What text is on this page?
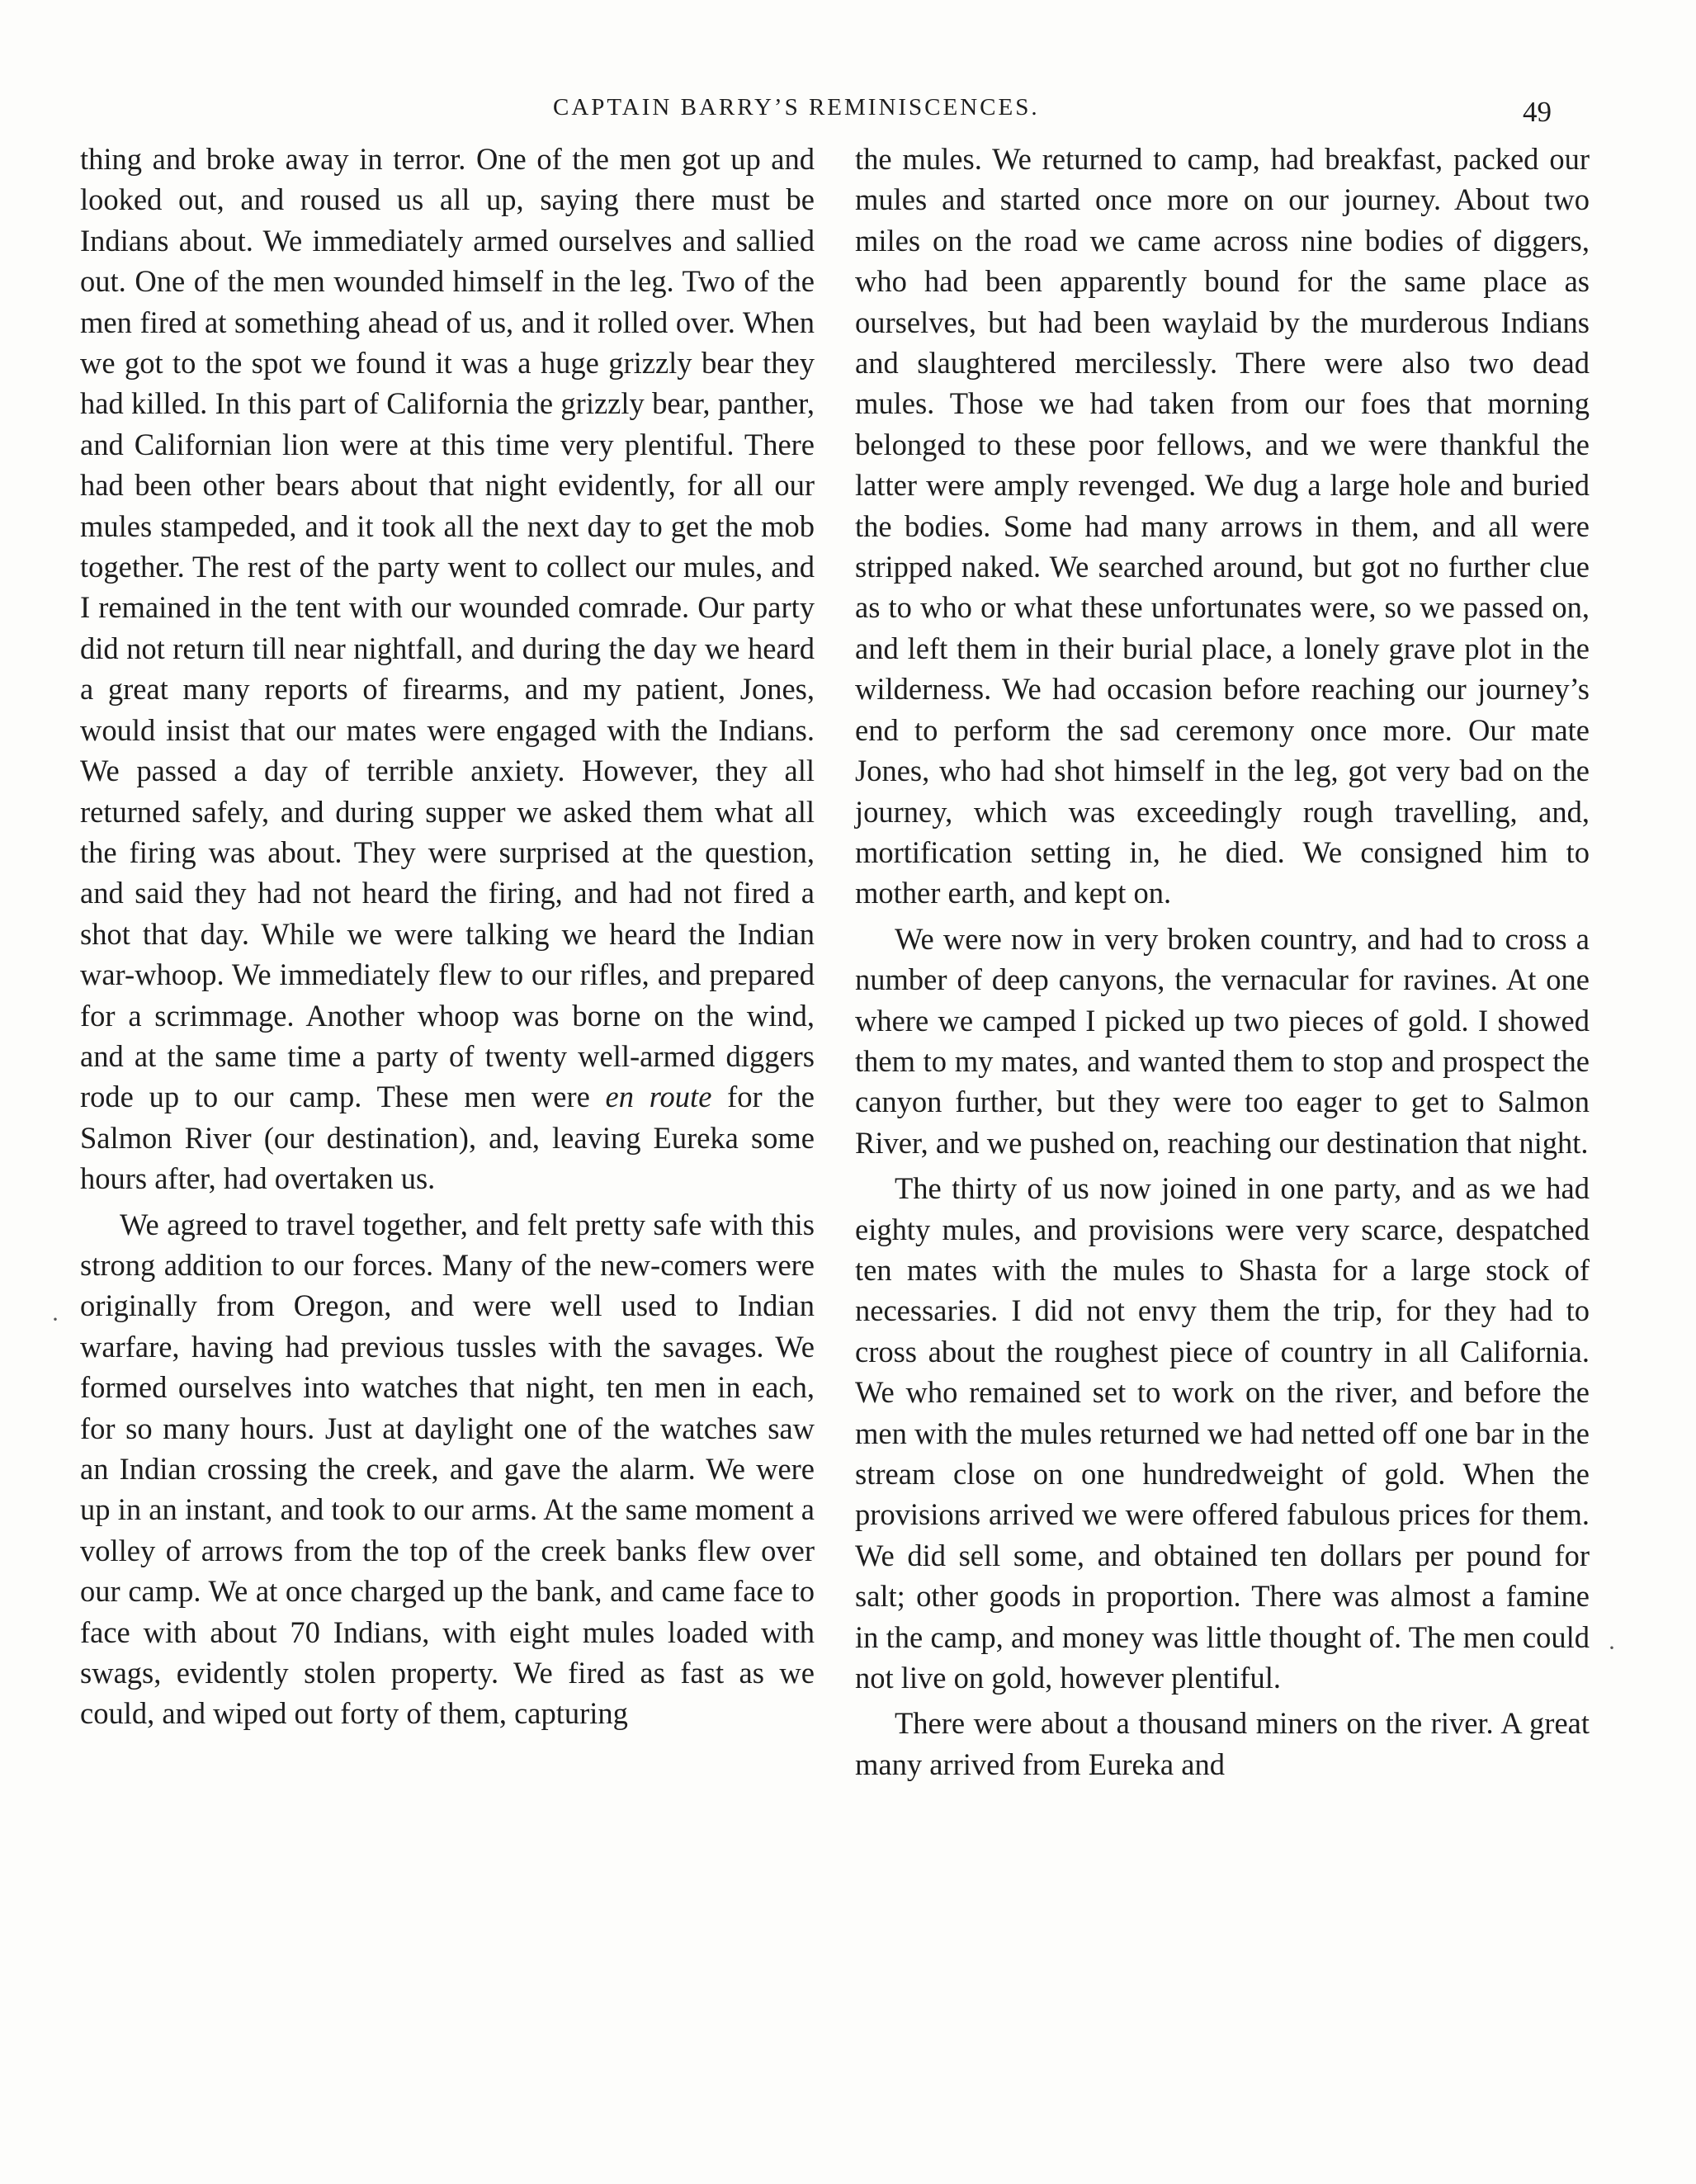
CAPTAIN BARRY’S REMINISCENCES.	49

thing and broke away in terror. One of the men got up and looked out, and roused us all up, saying there must be Indians about. We immediately armed ourselves and sallied out. One of the men wounded himself in the leg. Two of the men fired at something ahead of us, and it rolled over. When we got to the spot we found it was a huge grizzly bear they had killed. In this part of California the grizzly bear, panther, and Californian lion were at this time very plentiful. There had been other bears about that night evidently, for all our mules stampeded, and it took all the next day to get the mob together. The rest of the party went to collect our mules, and I remained in the tent with our wounded comrade. Our party did not return till near nightfall, and during the day we heard a great many reports of firearms, and my patient, Jones, would insist that our mates were engaged with the Indians. We passed a day of terrible anxiety. However, they all returned safely, and during supper we asked them what all the firing was about. They were surprised at the question, and said they had not heard the firing, and had not fired a shot that day. While we were talking we heard the Indian war-whoop. We immediately flew to our rifles, and prepared for a scrimmage. Another whoop was borne on the wind, and at the same time a party of twenty well-armed diggers rode up to our camp. These men were en route for the Salmon River (our destination), and, leaving Eureka some hours after, had overtaken us.

We agreed to travel together, and felt pretty safe with this strong addition to our forces. Many of the new-comers were originally from Oregon, and were well used to Indian warfare, having had previous tussles with the savages. We formed ourselves into watches that night, ten men in each, for so many hours. Just at daylight one of the watches saw an Indian crossing the creek, and gave the alarm. We were up in an instant, and took to our arms. At the same moment a volley of arrows from the top of the creek banks flew over our camp. We at once charged up the bank, and came face to face with about 70 Indians, with eight mules loaded with swags, evidently stolen property. We fired as fast as we could, and wiped out forty of them, capturing

the mules. We returned to camp, had breakfast, packed our mules and started once more on our journey. About two miles on the road we came across nine bodies of diggers, who had been apparently bound for the same place as ourselves, but had been waylaid by the murderous Indians and slaughtered mercilessly. There were also two dead mules. Those we had taken from our foes that morning belonged to these poor fellows, and we were thankful the latter were amply revenged. We dug a large hole and buried the bodies. Some had many arrows in them, and all were stripped naked. We searched around, but got no further clue as to who or what these unfortunates were, so we passed on, and left them in their burial place, a lonely grave plot in the wilderness. We had occasion before reaching our journey’s end to perform the sad ceremony once more. Our mate Jones, who had shot himself in the leg, got very bad on the journey, which was exceedingly rough travelling, and, mortification setting in, he died. We consigned him to mother earth, and kept on.

We were now in very broken country, and had to cross a number of deep canyons, the vernacular for ravines. At one where we camped I picked up two pieces of gold. I showed them to my mates, and wanted them to stop and prospect the canyon further, but they were too eager to get to Salmon River, and we pushed on, reaching our destination that night.

The thirty of us now joined in one party, and as we had eighty mules, and provisions were very scarce, despatched ten mates with the mules to Shasta for a large stock of necessaries. I did not envy them the trip, for they had to cross about the roughest piece of country in all California. We who remained set to work on the river, and before the men with the mules returned we had netted off one bar in the stream close on one hundredweight of gold. When the provisions arrived we were offered fabulous prices for them. We did sell some, and obtained ten dollars per pound for salt; other goods in proportion. There was almost a famine in the camp, and money was little thought of. The men could not live on gold, however plentiful.

There were about a thousand miners on the river. A great many arrived from Eureka and

·
·
